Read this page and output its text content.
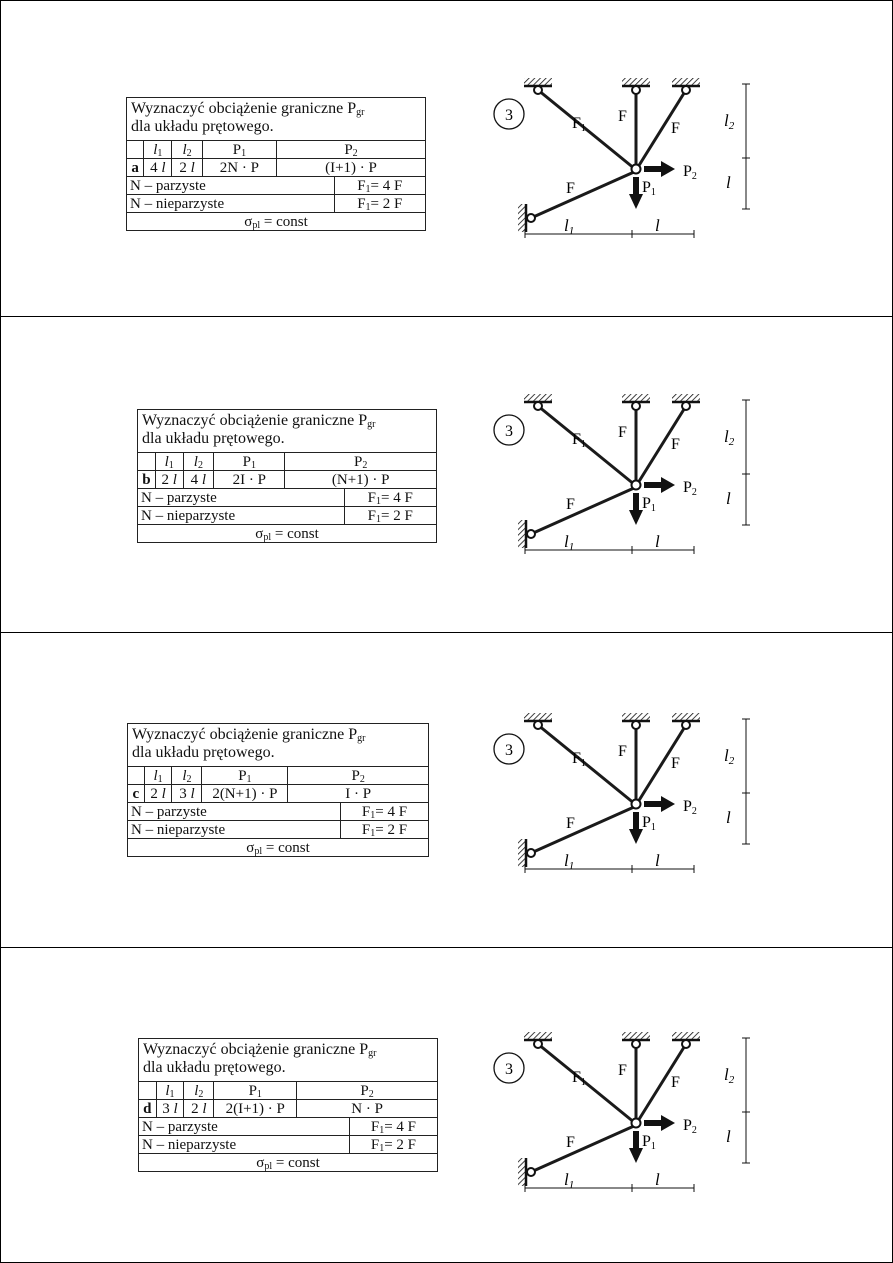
Wyznaczyć obciążenie graniczne $P_{gr}$
dla układu prętowego.					
	$l_1$	$l_2$	$P_1$	$P_2$
a	4 l	2 l	2N · P	(I+1) · P	
N – parzyste					$F_1= 4$ F
N – nieparzyste					$F_1= 2$ F
$\sigma_{pl}$ = const					
3	F1
F
F
F
P2
P1
l1	l
l2
l
Wyznaczyć obciążenie graniczne $P_{gr}$
dla układu prętowego.					
	$l_1$	$l_2$	$P_1$	$P_2$
b	2 l	4 l	2I · P	(N+1) · P	
N – parzyste					$F_1= 4$ F
N – nieparzyste					$F_1= 2$ F
$\sigma_{pl}$ = const					
3	F1
F
F
F
P2
P1
l1	l
l2
l
Wyznaczyć obciążenie graniczne $P_{gr}$
dla układu prętowego.					
	$l_1$	$l_2$	$P_1$	$P_2$
c	2 l	3 l	2(N+1) · P	I · P	
N – parzyste					$F_1= 4$ F
N – nieparzyste					$F_1= 2$ F
$\sigma_{pl}$ = const					
3	F1
F
F
F
P2
P1
l1	l
l2
l
Wyznaczyć obciążenie graniczne $P_{gr}$
dla układu prętowego.					
	$l_1$	$l_2$	$P_1$	$P_2$
d	3 l	2 l	2(I+1) · P	N · P	
N – parzyste					$F_1= 4$ F
N – nieparzyste					$F_1= 2$ F
$\sigma_{pl}$ = const					
3	F1
F
F
F
P2
P1
l1	l
l2
l
